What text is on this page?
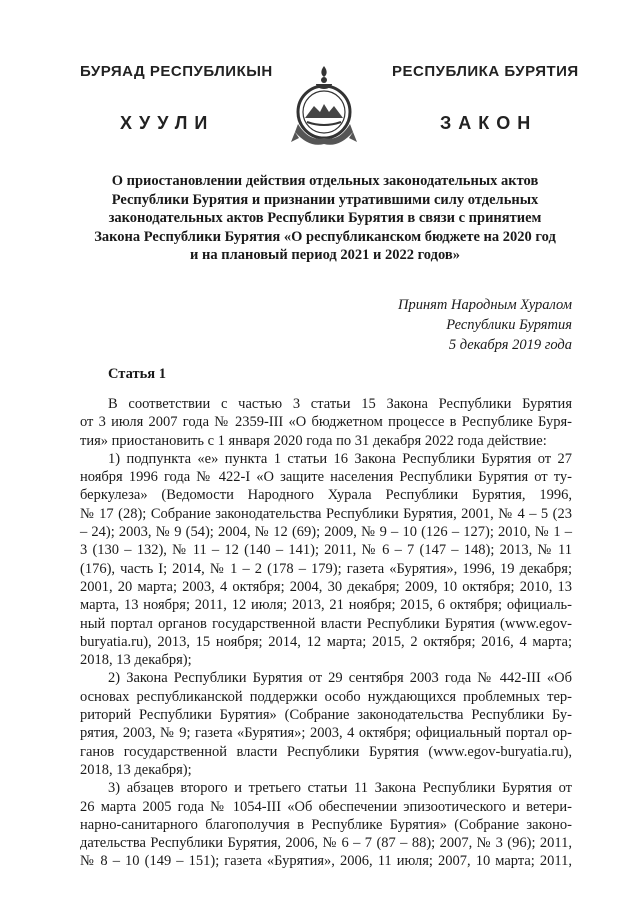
БУРЯАД РЕСПУБЛИКЫН	РЕСПУБЛИКА БУРЯТИЯ
ХУУЛИ	ЗАКОН
О приостановлении действия отдельных законодательных актов
Республики Бурятия и признании утратившими силу отдельных
законодательных актов Республики Бурятия в связи с принятием
Закона Республики Бурятия «О республиканском бюджете на 2020 год
и на плановый период 2021 и 2022 годов»
Принят Народным Хуралом
Республики Бурятия
5 декабря 2019 года
Статья 1
В соответствии с частью 3 статьи 15 Закона Республики Бурятия
от 3 июля 2007 года № 2359-III «О бюджетном процессе в Республике Буря-
тия» приостановить с 1 января 2020 года по 31 декабря 2022 года действие:
1) подпункта «е» пункта 1 статьи 16 Закона Республики Бурятия от 27
ноября 1996 года № 422-I «О защите населения Республики Бурятия от ту-
беркулеза» (Ведомости Народного Хурала Республики Бурятия, 1996,
№ 17 (28); Собрание законодательства Республики Бурятия, 2001, № 4 – 5 (23
– 24); 2003, № 9 (54); 2004, № 12 (69); 2009, № 9 – 10 (126 – 127); 2010, № 1 –
3 (130 – 132), № 11 – 12 (140 – 141); 2011, № 6 – 7 (147 – 148); 2013, № 11
(176), часть I; 2014, № 1 – 2 (178 – 179); газета «Бурятия», 1996, 19 декабря;
2001, 20 марта; 2003, 4 октября; 2004, 30 декабря; 2009, 10 октября; 2010, 13
марта, 13 ноября; 2011, 12 июля; 2013, 21 ноября; 2015, 6 октября; официаль-
ный портал органов государственной власти Республики Бурятия (www.egov-
buryatia.ru), 2013, 15 ноября; 2014, 12 марта; 2015, 2 октября; 2016, 4 марта;
2018, 13 декабря);
2) Закона Республики Бурятия от 29 сентября 2003 года № 442-III «Об
основах республиканской поддержки особо нуждающихся проблемных тер-
риторий Республики Бурятия» (Собрание законодательства Республики Бу-
рятия, 2003, № 9; газета «Бурятия»; 2003, 4 октября; официальный портал ор-
ганов государственной власти Республики Бурятия (www.egov-buryatia.ru),
2018, 13 декабря);
3) абзацев второго и третьего статьи 11 Закона Республики Бурятия от
26 марта 2005 года № 1054-III «Об обеспечении эпизоотического и ветери-
нарно-санитарного благополучия в Республике Бурятия» (Собрание законо-
дательства Республики Бурятия, 2006, № 6 – 7 (87 – 88); 2007, № 3 (96); 2011,
№ 8 – 10 (149 – 151); газета «Бурятия», 2006, 11 июля; 2007, 10 марта; 2011,
